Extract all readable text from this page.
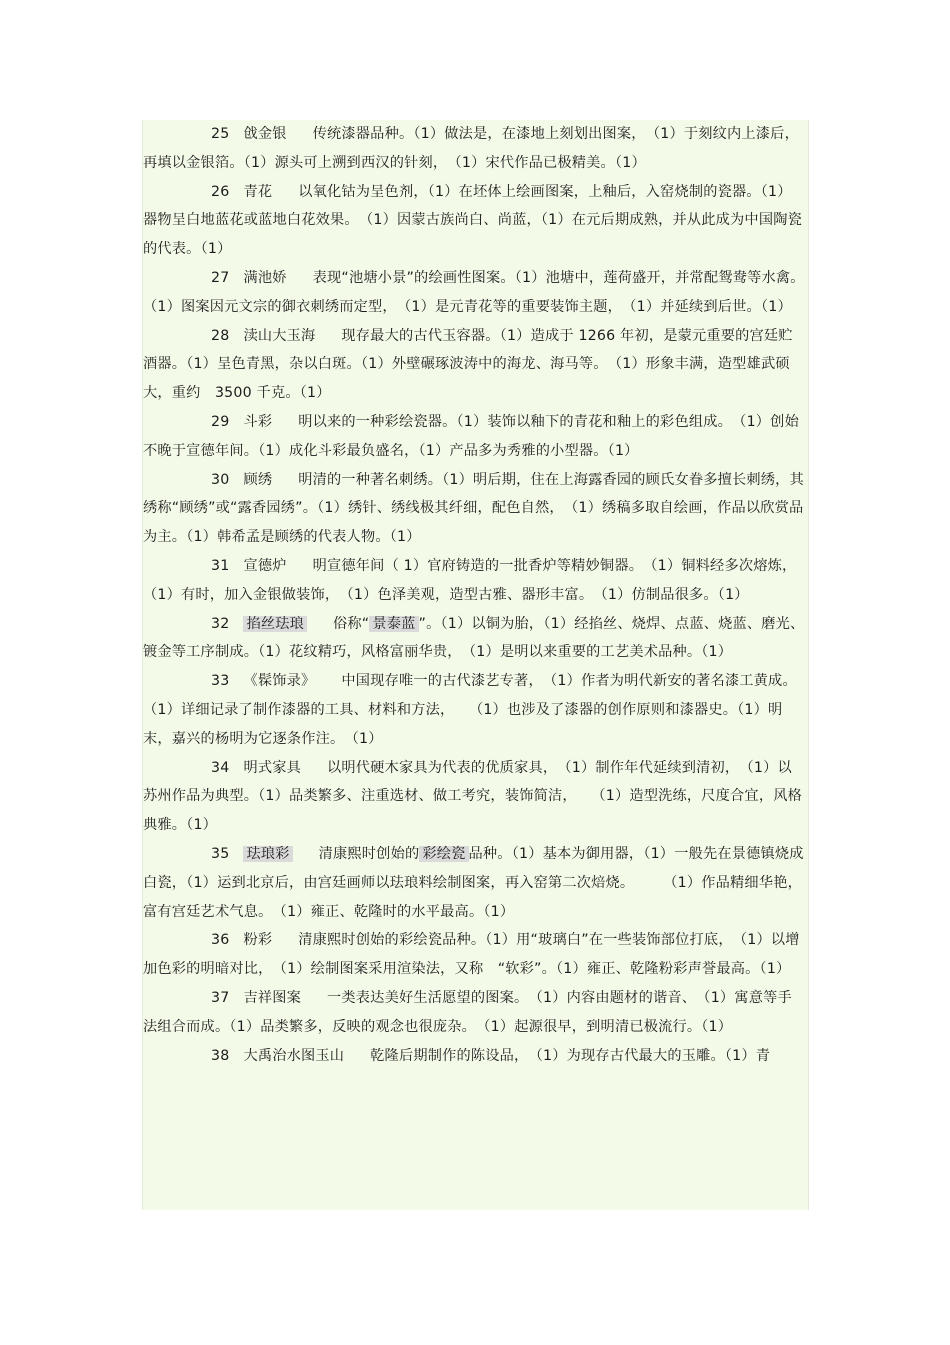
25 戗金银 传统漆器品种。（1）做法是，在漆地上刻划出图案，　（1）于刻纹内上漆后，再填以金银箔。（1）源头可上溯到西汉的针刻，　（1）宋代作品已极精美。（1）

26 青花 以氧化钴为呈色剂，（1）在坯体上绘画图案，上釉后，入窑烧制的瓷器。（1）器物呈白地蓝花或蓝地白花效果。　（1）因蒙古族尚白、尚蓝，（1）在元后期成熟，并从此成为中国陶瓷的代表。（1）

27 满池娇 表现“池塘小景”的绘画性图案。（1）池塘中，莲荷盛开，并常配鸳鸯等水禽。（1）图案因元文宗的御衣刺绣而定型，　（1）是元青花等的重要装饰主题，　（1）并延续到后世。（1）

28 渎山大玉海 现存最大的古代玉容器。（1）造成于 1266 年初，是蒙元重要的宫廷贮酒器。（1）呈色青黑，杂以白斑。（1）外壁碾琢波涛中的海龙、海马等。　（1）形象丰满，造型雄武硕大，重约　3500 千克。（1）

29 斗彩 明以来的一种彩绘瓷器。（1）装饰以釉下的青花和釉上的彩色组成。　（1）创始不晚于宣德年间。（1）成化斗彩最负盛名，（1）产品多为秀雅的小型器。（1）

30 顾绣 明清的一种著名刺绣。（1）明后期，住在上海露香园的顾氏女眷多擅长刺绣，其绣称“顾绣”或“露香园绣”。（1）绣针、绣线极其纤细，配色自然，　（1）绣稿多取自绘画，作品以欣赏品为主。（1）韩希孟是顾绣的代表人物。（1）

31 宣德炉 明宣德年间（ 1）官府铸造的一批香炉等精妙铜器。　（1）铜料经多次熔炼，（1）有时，加入金银做装饰，　（1）色泽美观，造型古雅、器形丰富。　（1）仿制品很多。（1）

32 掐丝珐琅 俗称“ 景泰蓝 ”。（1）以铜为胎，（1）经掐丝、烧焊、点蓝、烧蓝、磨光、镀金等工序制成。（1）花纹精巧，风格富丽华贵，　（1）是明以来重要的工艺美术品种。（1）

33 《髹饰录》 中国现存唯一的古代漆艺专著，　（1）作者为明代新安的著名漆工黄成。（1）详细记录了制作漆器的工具、材料和方法，　　（1）也涉及了漆器的创作原则和漆器史。（1）明末，嘉兴的杨明为它逐条作注。　（1）

34 明式家具 以明代硬木家具为代表的优质家具，　（1）制作年代延续到清初，　（1）以苏州作品为典型。（1）品类繁多、注重选材、做工考究，装饰简洁，　　（1）造型洗练，尺度合宜，风格典雅。（1）

35 珐琅彩 清康熙时创始的 彩绘瓷 品种。（1）基本为御用器，（1）一般先在景德镇烧成白瓷，（1）运到北京后，由宫廷画师以珐琅料绘制图案，再入窑第二次焙烧。　　　（1）作品精细华艳，富有宫廷艺术气息。　（1）雍正、乾隆时的水平最高。（1）

36 粉彩 清康熙时创始的彩绘瓷品种。（1）用“玻璃白”在一些装饰部位打底，　（1）以增加色彩的明暗对比，　（1）绘制图案采用渲染法，又称　“软彩”。（1）雍正、乾隆粉彩声誉最高。（1）

37 吉祥图案 一类表达美好生活愿望的图案。　（1）内容由题材的谐音、　（1）寓意等手法组合而成。（1）品类繁多，反映的观念也很庞杂。　（1）起源很早，到明清已极流行。（1）

38 大禹治水图玉山 乾隆后期制作的陈设品，　（1）为现存古代最大的玉雕。（1）青
